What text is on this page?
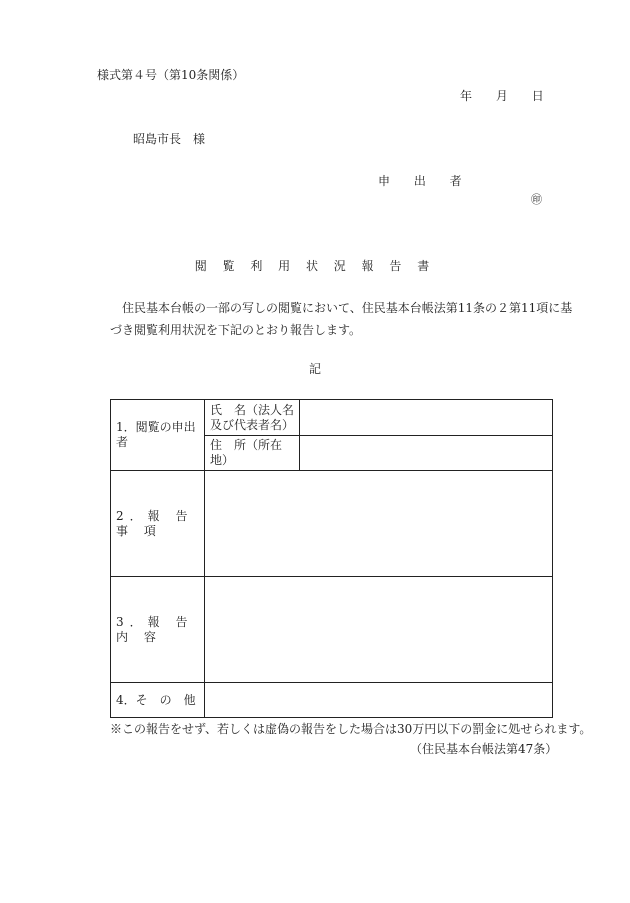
様式第４号（第10条関係）
年 月 日
昭島市長　様
申 出 者
㊞
閲 覧 利 用 状 況 報 告 書
住民基本台帳の一部の写しの閲覧において、住民基本台帳法第11条の２第11項に基づき閲覧利用状況を下記のとおり報告します。
記
1．閲覧の申出者	氏　名（法人名
及び代表者名）	

	住　所（所在地）	
2．報 告 事 項		
3．報 告 内 容		
4．そ　の　他		
※この報告をせず、若しくは虚偽の報告をした場合は30万円以下の罰金に処せられます。
（住民基本台帳法第47条）
